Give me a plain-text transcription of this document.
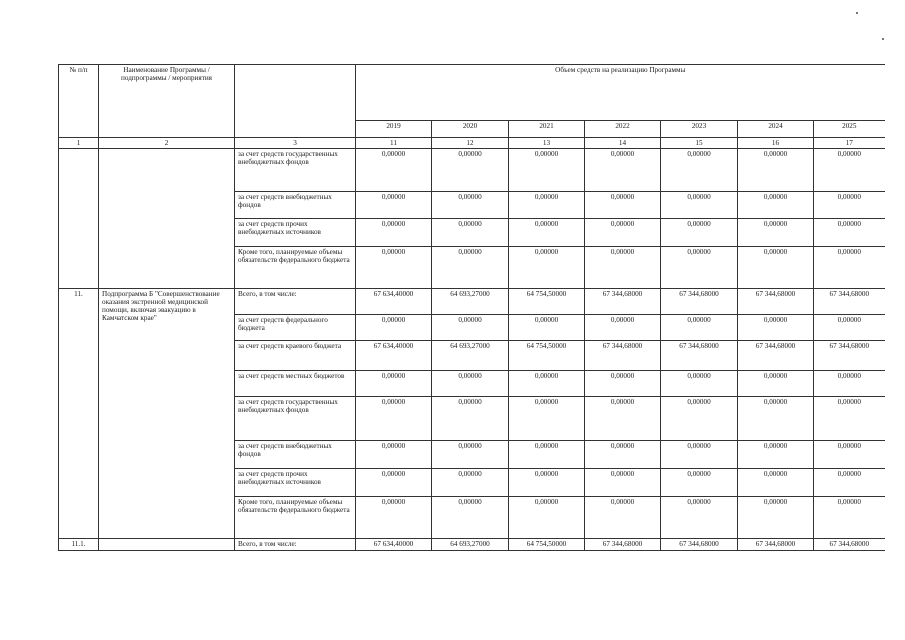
№ п/п	Наименование Программы / подпрограммы / мероприятия		Объем средств на реализацию Программы						
			2019	2020	2021	2022	2023	2024	2025
1	2	3	11	12	13	14	15	16	17
		за счет средств государственных внебюджетных фондов	0,00000	0,00000	0,00000	0,00000	0,00000	0,00000	0,00000
		за счет средств внебюджетных фондов	0,00000	0,00000	0,00000	0,00000	0,00000	0,00000	0,00000
		за счет средств прочих внебюджетных источников	0,00000	0,00000	0,00000	0,00000	0,00000	0,00000	0,00000
		Кроме того, планируемые объемы обязательств федерального бюджета	0,00000	0,00000	0,00000	0,00000	0,00000	0,00000	0,00000
11.	Подпрограмма Б "Совершенствование оказания экстренной медицинской помощи, включая эвакуацию в Камчатском крае"	Всего, в том числе:	67 634,40000	64 693,27000	64 754,50000	67 344,68000	67 344,68000	67 344,68000	67 344,68000
		за счет средств федерального бюджета	0,00000	0,00000	0,00000	0,00000	0,00000	0,00000	0,00000
		за счет средств краевого бюджета	67 634,40000	64 693,27000	64 754,50000	67 344,68000	67 344,68000	67 344,68000	67 344,68000
		за счет средств местных бюджетов	0,00000	0,00000	0,00000	0,00000	0,00000	0,00000	0,00000
		за счет средств государственных внебюджетных фондов	0,00000	0,00000	0,00000	0,00000	0,00000	0,00000	0,00000
		за счет средств внебюджетных фондов	0,00000	0,00000	0,00000	0,00000	0,00000	0,00000	0,00000
		за счет средств прочих внебюджетных источников	0,00000	0,00000	0,00000	0,00000	0,00000	0,00000	0,00000
		Кроме того, планируемые объемы обязательств федерального бюджета	0,00000	0,00000	0,00000	0,00000	0,00000	0,00000	0,00000
11.1.		Всего, в том числе:	67 634,40000	64 693,27000	64 754,50000	67 344,68000	67 344,68000	67 344,68000	67 344,68000
